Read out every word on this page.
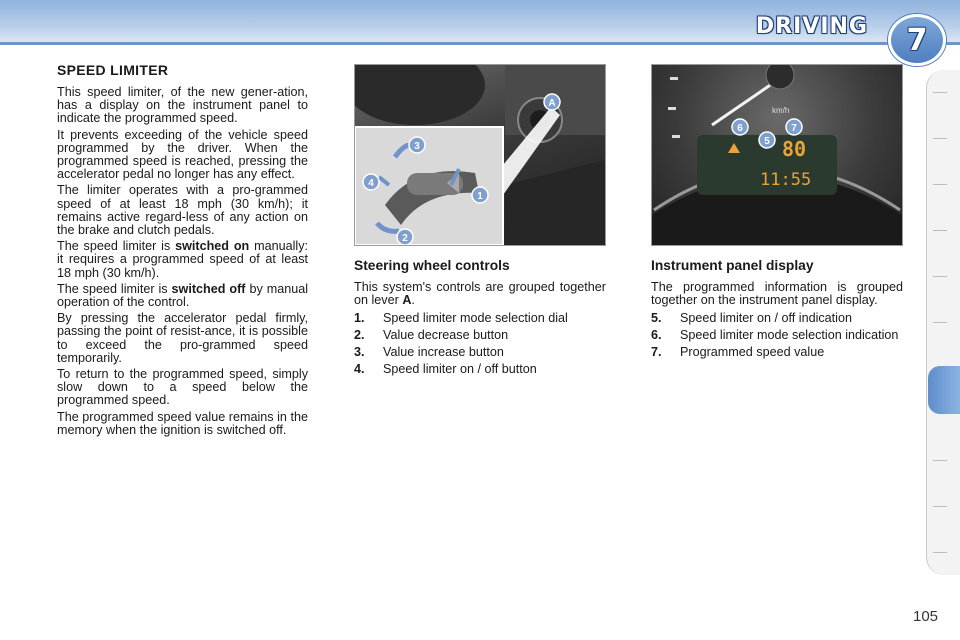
DRIVING 7
SPEED LIMITER

This speed limiter, of the new gener-ation, has a display on the instrument panel to indicate the programmed speed.

It prevents exceeding of the vehicle speed programmed by the driver. When the programmed speed is reached, pressing the accelerator pedal no longer has any effect.

The limiter operates with a pro-grammed speed of at least 18 mph (30 km/h); it remains active regard-less of any action on the brake and clutch pedals.

The speed limiter is switched on manually: it requires a programmed speed of at least 18 mph (30 km/h).

The speed limiter is switched off by manual operation of the control.

By pressing the accelerator pedal firmly, passing the point of resist-ance, it is possible to exceed the pro-grammed speed temporarily.

To return to the programmed speed, simply slow down to a speed below the programmed speed.

The programmed speed value remains in the memory when the ignition is switched off.

A
1
2
3
4
Steering wheel controls

This system's controls are grouped together on lever A.

1.	Speed limiter mode selection dial
2.	Value decrease button
3.	Value increase button
4.	Speed limiter on / off button
km/h
80
11:55
6
5
7
Instrument panel display

The programmed information is grouped together on the instrument panel display.

5.	Speed limiter on / off indication
6.	Speed limiter mode selection indication
7.	Programmed speed value
105
